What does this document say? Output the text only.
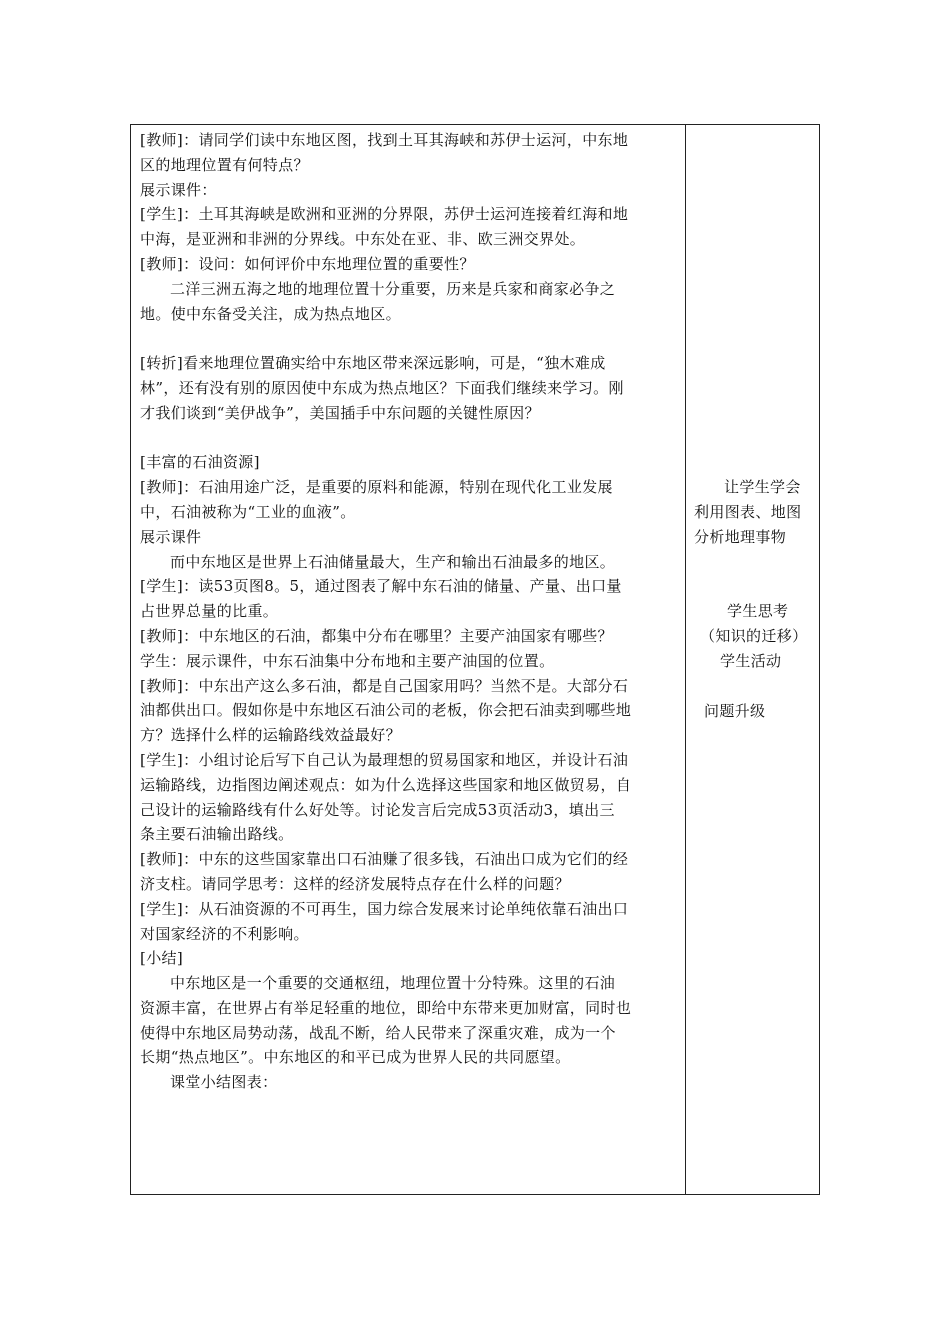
[教师]：请同学们读中东地区图，找到土耳其海峡和苏伊士运河，中东地
区的地理位置有何特点？
展示课件：
[学生]：土耳其海峡是欧洲和亚洲的分界限，苏伊士运河连接着红海和地
中海，是亚洲和非洲的分界线。中东处在亚、非、欧三洲交界处。
[教师]：设问：如何评价中东地理位置的重要性？
二洋三洲五海之地的地理位置十分重要，历来是兵家和商家必争之
地。使中东备受关注，成为热点地区。
[转折]看来地理位置确实给中东地区带来深远影响，可是，“独木难成
林”，还有没有别的原因使中东成为热点地区？下面我们继续来学习。刚
才我们谈到“美伊战争”，美国插手中东问题的关键性原因？
[丰富的石油资源]
[教师]：石油用途广泛，是重要的原料和能源，特别在现代化工业发展
中，石油被称为“工业的血液”。
展示课件
而中东地区是世界上石油储量最大，生产和输出石油最多的地区。
[学生]：读53页图8。5，通过图表了解中东石油的储量、产量、出口量
占世界总量的比重。
[教师]：中东地区的石油，都集中分布在哪里？主要产油国家有哪些？
学生：展示课件，中东石油集中分布地和主要产油国的位置。
[教师]：中东出产这么多石油，都是自己国家用吗？当然不是。大部分石
油都供出口。假如你是中东地区石油公司的老板，你会把石油卖到哪些地
方？选择什么样的运输路线效益最好？
[学生]：小组讨论后写下自己认为最理想的贸易国家和地区，并设计石油
运输路线，边指图边阐述观点：如为什么选择这些国家和地区做贸易，自
己设计的运输路线有什么好处等。讨论发言后完成53页活动3，填出三
条主要石油输出路线。
[教师]：中东的这些国家靠出口石油赚了很多钱，石油出口成为它们的经
济支柱。请同学思考：这样的经济发展特点存在什么样的问题？
[学生]：从石油资源的不可再生，国力综合发展来讨论单纯依靠石油出口
对国家经济的不利影响。
[小结]
中东地区是一个重要的交通枢纽，地理位置十分特殊。这里的石油
资源丰富，在世界占有举足轻重的地位，即给中东带来更加财富，同时也
使得中东地区局势动荡，战乱不断，给人民带来了深重灾难，成为一个
长期“热点地区”。中东地区的和平已成为世界人民的共同愿望。
课堂小结图表：
让学生学会
利用图表、地图
分析地理事物
学生思考
（知识的迁移）
学生活动
问题升级
